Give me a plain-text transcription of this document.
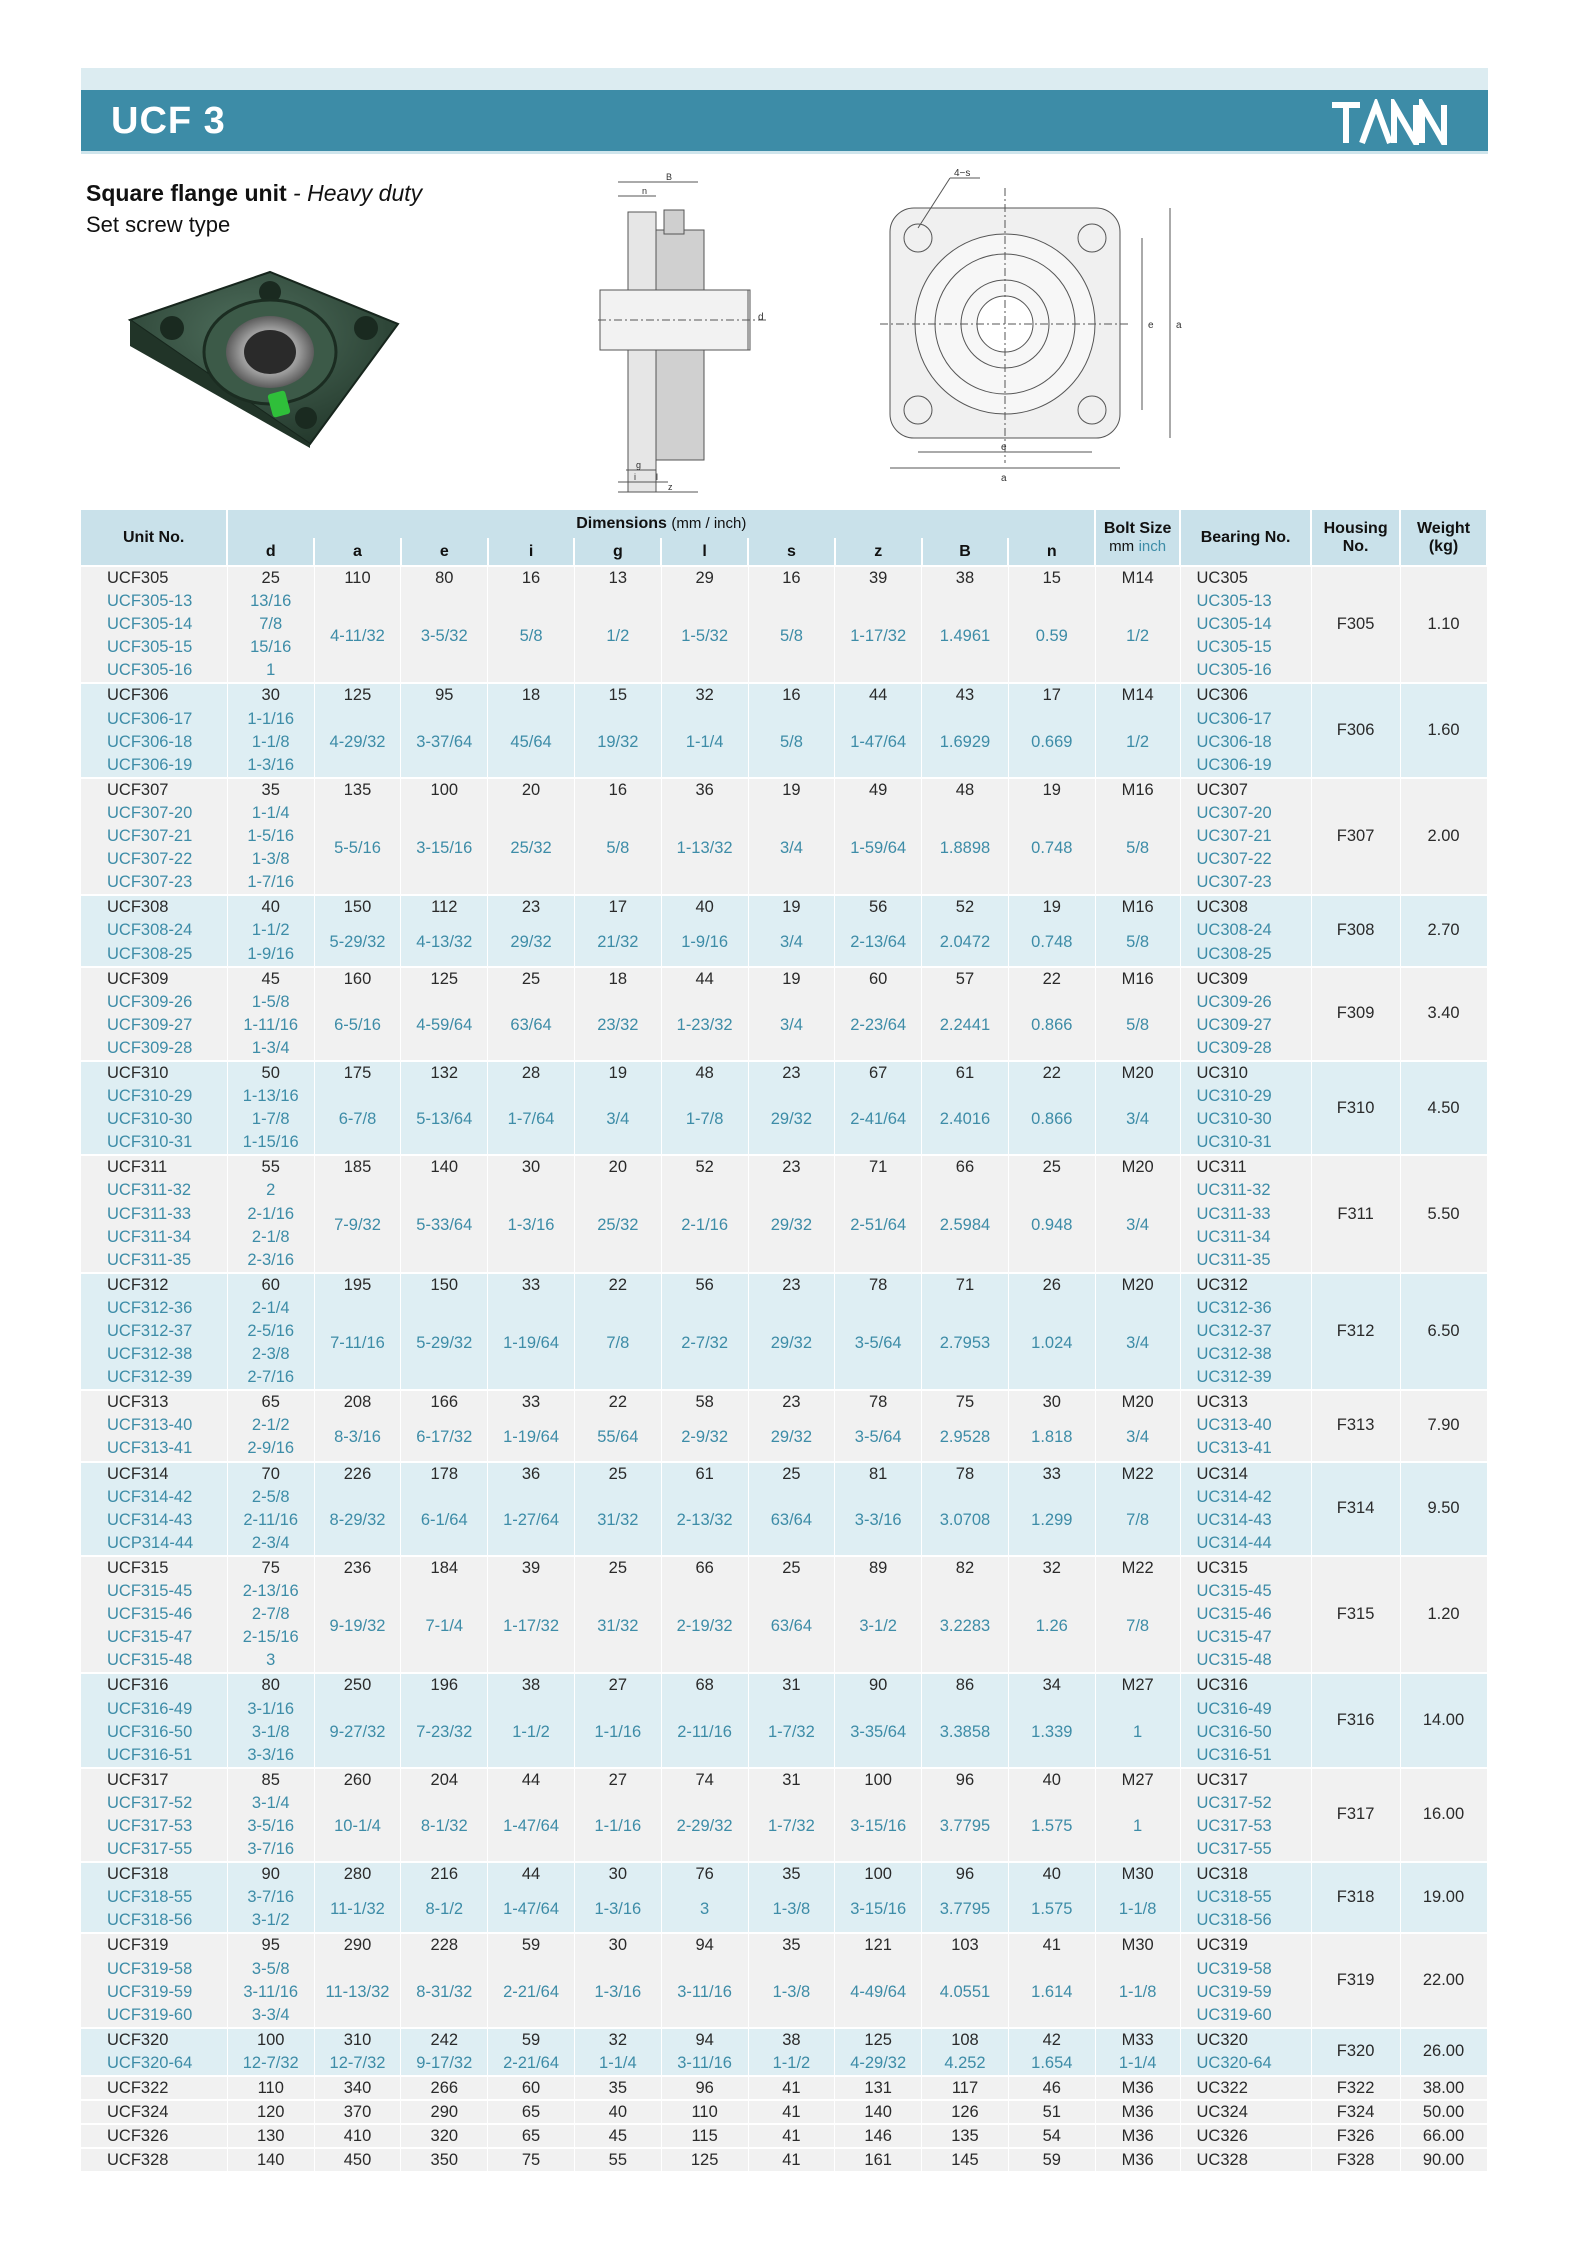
UCF 3
Square flange unit - Heavy duty
Set screw type
B
n
d
g
i l
z
4−s
e a
e
a
Unit No.	Dimensions (mm / inch)										Bolt Size	Bearing No.	Housing No.	Weight (kg)
	d	a	e	i	g	l	s	z	B	n	mm inch			
UCF305	25	110	80	16	13	29	16	39	38	15	M14	UC305	F305	1.10
UCF305-13	13/16	4-11/32	3-5/32	5/8	1/2	1-5/32	5/8	1-17/32	1.4961	0.59	1/2	UC305-13		
UCF305-14	7/8											UC305-14		
UCF305-15	15/16											UC305-15		
UCF305-16	1											UC305-16		
UCF306	30	125	95	18	15	32	16	44	43	17	M14	UC306	F306	1.60
UCF306-17	1-1/16	4-29/32	3-37/64	45/64	19/32	1-1/4	5/8	1-47/64	1.6929	0.669	1/2	UC306-17		
UCF306-18	1-1/8											UC306-18		
UCF306-19	1-3/16											UC306-19		
UCF307	35	135	100	20	16	36	19	49	48	19	M16	UC307	F307	2.00
UCF307-20	1-1/4	5-5/16	3-15/16	25/32	5/8	1-13/32	3/4	1-59/64	1.8898	0.748	5/8	UC307-20		
UCF307-21	1-5/16											UC307-21		
UCF307-22	1-3/8											UC307-22		
UCF307-23	1-7/16											UC307-23		
UCF308	40	150	112	23	17	40	19	56	52	19	M16	UC308	F308	2.70
UCF308-24	1-1/2	5-29/32	4-13/32	29/32	21/32	1-9/16	3/4	2-13/64	2.0472	0.748	5/8	UC308-24		
UCF308-25	1-9/16											UC308-25		
UCF309	45	160	125	25	18	44	19	60	57	22	M16	UC309	F309	3.40
UCF309-26	1-5/8	6-5/16	4-59/64	63/64	23/32	1-23/32	3/4	2-23/64	2.2441	0.866	5/8	UC309-26		
UCF309-27	1-11/16											UC309-27		
UCF309-28	1-3/4											UC309-28		
UCF310	50	175	132	28	19	48	23	67	61	22	M20	UC310	F310	4.50
UCF310-29	1-13/16	6-7/8	5-13/64	1-7/64	3/4	1-7/8	29/32	2-41/64	2.4016	0.866	3/4	UC310-29		
UCF310-30	1-7/8											UC310-30		
UCF310-31	1-15/16											UC310-31		
UCF311	55	185	140	30	20	52	23	71	66	25	M20	UC311	F311	5.50
UCF311-32	2	7-9/32	5-33/64	1-3/16	25/32	2-1/16	29/32	2-51/64	2.5984	0.948	3/4	UC311-32		
UCF311-33	2-1/16											UC311-33		
UCF311-34	2-1/8											UC311-34		
UCF311-35	2-3/16											UC311-35		
UCF312	60	195	150	33	22	56	23	78	71	26	M20	UC312	F312	6.50
UCF312-36	2-1/4	7-11/16	5-29/32	1-19/64	7/8	2-7/32	29/32	3-5/64	2.7953	1.024	3/4	UC312-36		
UCF312-37	2-5/16											UC312-37		
UCF312-38	2-3/8											UC312-38		
UCF312-39	2-7/16											UC312-39		
UCF313	65	208	166	33	22	58	23	78	75	30	M20	UC313	F313	7.90
UCF313-40	2-1/2	8-3/16	6-17/32	1-19/64	55/64	2-9/32	29/32	3-5/64	2.9528	1.818	3/4	UC313-40		
UCF313-41	2-9/16											UC313-41		
UCF314	70	226	178	36	25	61	25	81	78	33	M22	UC314	F314	9.50
UCF314-42	2-5/8	8-29/32	6-1/64	1-27/64	31/32	2-13/32	63/64	3-3/16	3.0708	1.299	7/8	UC314-42		
UCF314-43	2-11/16											UC314-43		
UCP314-44	2-3/4											UC314-44		
UCF315	75	236	184	39	25	66	25	89	82	32	M22	UC315	F315	1.20
UCF315-45	2-13/16	9-19/32	7-1/4	1-17/32	31/32	2-19/32	63/64	3-1/2	3.2283	1.26	7/8	UC315-45		
UCF315-46	2-7/8											UC315-46		
UCF315-47	2-15/16											UC315-47		
UCF315-48	3											UC315-48		
UCF316	80	250	196	38	27	68	31	90	86	34	M27	UC316	F316	14.00
UCF316-49	3-1/16	9-27/32	7-23/32	1-1/2	1-1/16	2-11/16	1-7/32	3-35/64	3.3858	1.339	1	UC316-49		
UCF316-50	3-1/8											UC316-50		
UCF316-51	3-3/16											UC316-51		
UCF317	85	260	204	44	27	74	31	100	96	40	M27	UC317	F317	16.00
UCF317-52	3-1/4	10-1/4	8-1/32	1-47/64	1-1/16	2-29/32	1-7/32	3-15/16	3.7795	1.575	1	UC317-52		
UCF317-53	3-5/16											UC317-53		
UCF317-55	3-7/16											UC317-55		
UCF318	90	280	216	44	30	76	35	100	96	40	M30	UC318	F318	19.00
UCF318-55	3-7/16	11-1/32	8-1/2	1-47/64	1-3/16	3	1-3/8	3-15/16	3.7795	1.575	1-1/8	UC318-55		
UCF318-56	3-1/2											UC318-56		
UCF319	95	290	228	59	30	94	35	121	103	41	M30	UC319	F319	22.00
UCF319-58	3-5/8	11-13/32	8-31/32	2-21/64	1-3/16	3-11/16	1-3/8	4-49/64	4.0551	1.614	1-1/8	UC319-58		
UCF319-59	3-11/16											UC319-59		
UCF319-60	3-3/4											UC319-60		
UCF320	100	310	242	59	32	94	38	125	108	42	M33	UC320	F320	26.00
UCF320-64	12-7/32	12-7/32	9-17/32	2-21/64	1-1/4	3-11/16	1-1/2	4-29/32	4.252	1.654	1-1/4	UC320-64		
UCF322	110	340	266	60	35	96	41	131	117	46	M36	UC322	F322	38.00
UCF324	120	370	290	65	40	110	41	140	126	51	M36	UC324	F324	50.00
UCF326	130	410	320	65	45	115	41	146	135	54	M36	UC326	F326	66.00
UCF328	140	450	350	75	55	125	41	161	145	59	M36	UC328	F328	90.00
